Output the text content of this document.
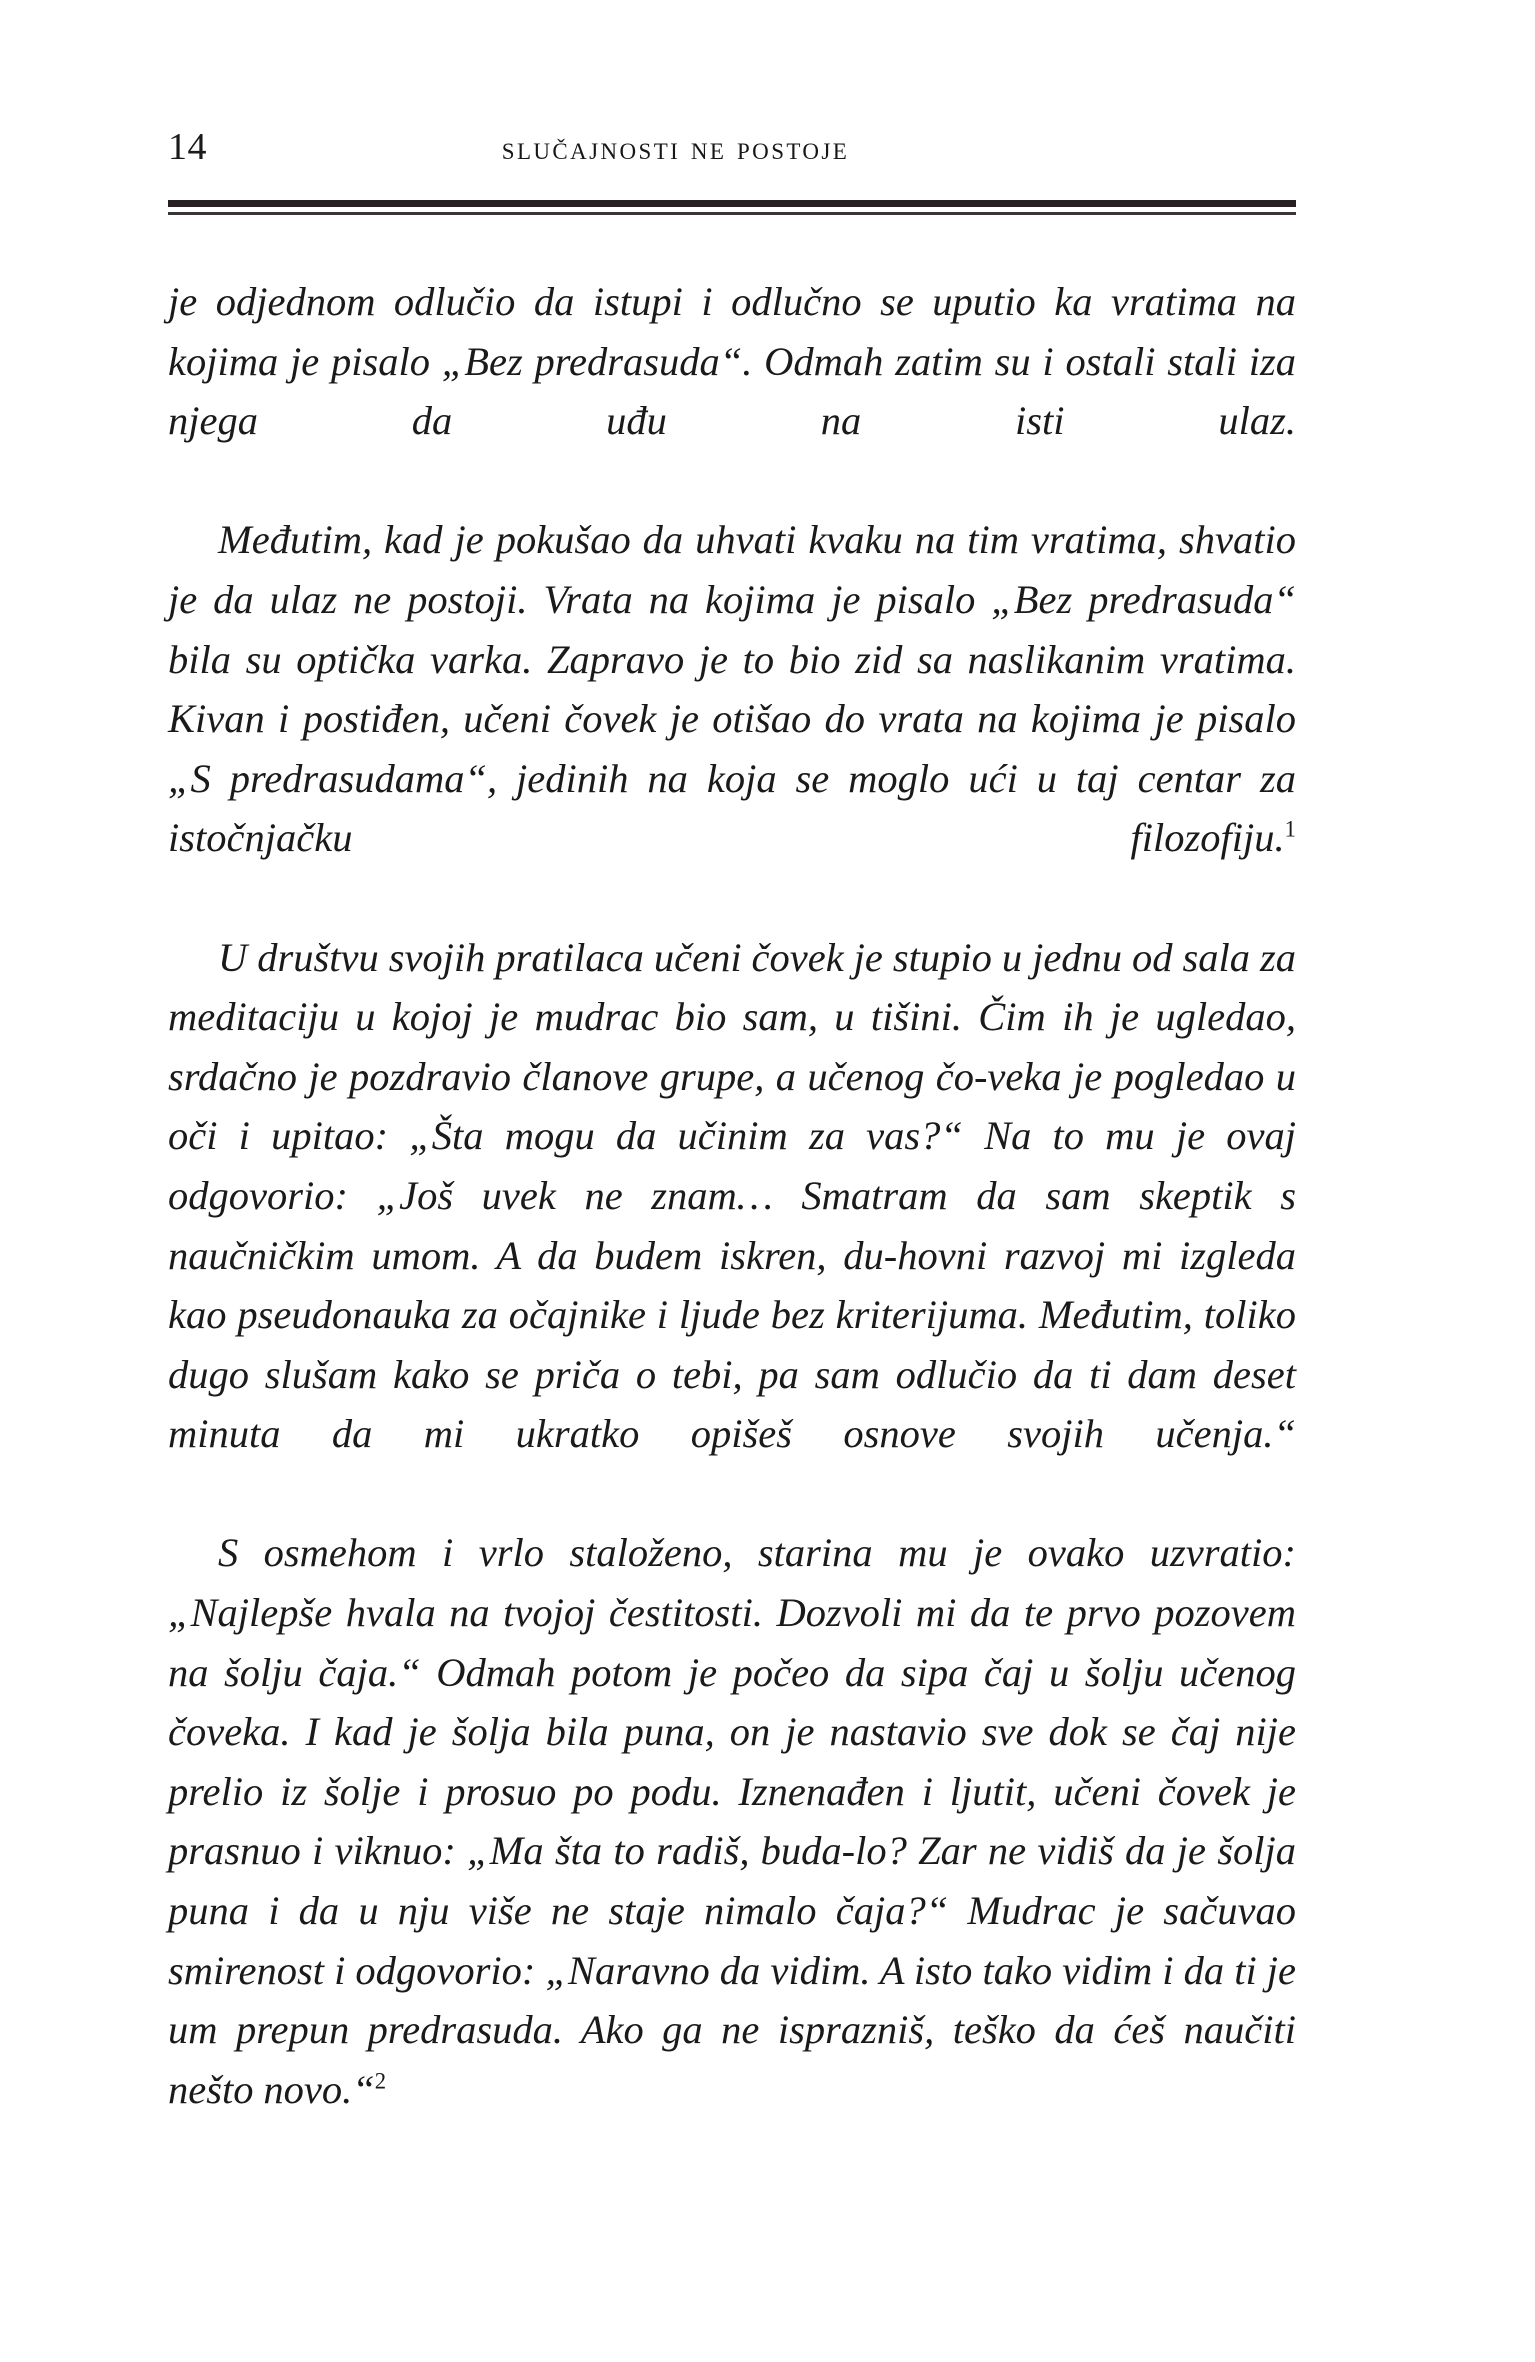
14	slučajnosti ne postoje

je odjednom odlučio da istupi i odlučno se uputio ka vratima na kojima je pisalo „Bez predrasuda“. Odmah zatim su i ostali stali iza njega da uđu na isti ulaz.

Međutim, kad je pokušao da uhvati kvaku na tim vratima, shvatio je da ulaz ne postoji. Vrata na kojima je pisalo „Bez predrasuda“ bila su optička varka. Zapravo je to bio zid sa naslikanim vratima. Kivan i postiđen, učeni čovek je otišao do vrata na kojima je pisalo „S predrasudama“, jedinih na koja se moglo ući u taj centar za istočnjačku filozofiju.$^1$

U društvu svojih pratilaca učeni čovek je stupio u jednu od sala za meditaciju u kojoj je mudrac bio sam, u tišini. Čim ih je ugledao, srdačno je pozdravio članove grupe, a učenog čo-veka je pogledao u oči i upitao: „Šta mogu da učinim za vas?“ Na to mu je ovaj odgovorio: „Još uvek ne znam… Smatram da sam skeptik s naučničkim umom. A da budem iskren, du-hovni razvoj mi izgleda kao pseudonauka za očajnike i ljude bez kriterijuma. Međutim, toliko dugo slušam kako se priča o tebi, pa sam odlučio da ti dam deset minuta da mi ukratko opišeš osnove svojih učenja.“

S osmehom i vrlo staloženo, starina mu je ovako uzvratio: „Najlepše hvala na tvojoj čestitosti. Dozvoli mi da te prvo pozovem na šolju čaja.“ Odmah potom je počeo da sipa čaj u šolju učenog čoveka. I kad je šolja bila puna, on je nastavio sve dok se čaj nije prelio iz šolje i prosuo po podu. Iznenađen i ljutit, učeni čovek je prasnuo i viknuo: „Ma šta to radiš, buda-lo? Zar ne vidiš da je šolja puna i da u nju više ne staje nimalo čaja?“ Mudrac je sačuvao smirenost i odgovorio: „Naravno da vidim. A isto tako vidim i da ti je um prepun predrasuda. Ako ga ne isprazniš, teško da ćeš naučiti nešto novo.“$^2$
